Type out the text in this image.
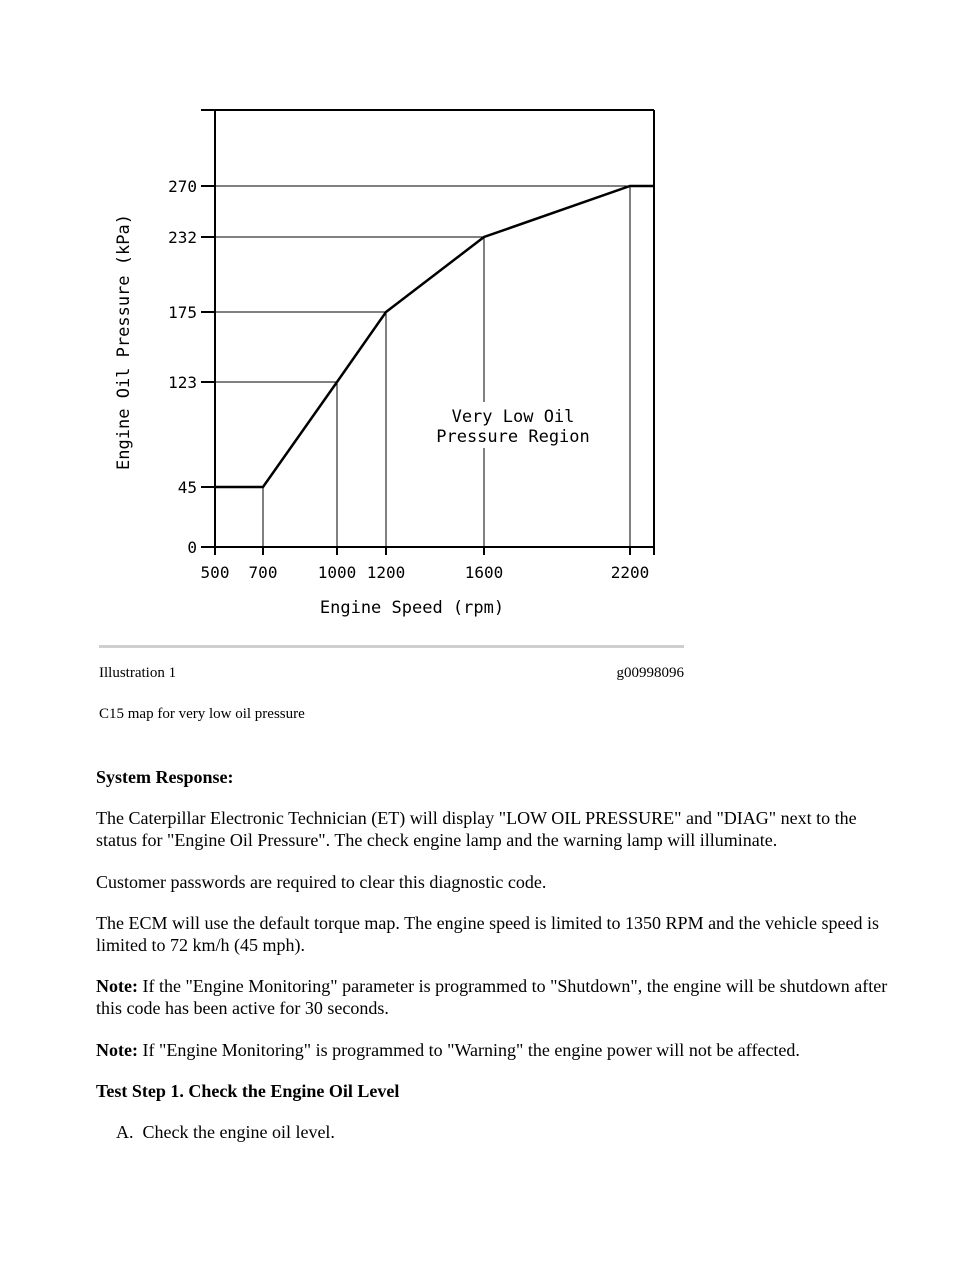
0
45
123
175
232
270
500 700	1000 1200	1600	2200
Very Low Oil
Pressure Region
Engine Speed (rpm)
Engine Oil Pressure (kPa)
Illustration 1	g00998096
C15 map for very low oil pressure
System Response:
The Caterpillar Electronic Technician (ET) will display "LOW OIL PRESSURE" and "DIAG" next to the status for "Engine Oil Pressure". The check engine lamp and the warning lamp will illuminate.
Customer passwords are required to clear this diagnostic code.
The ECM will use the default torque map. The engine speed is limited to 1350 RPM and the vehicle speed is limited to 72 km/h (45 mph).
Note: If the "Engine Monitoring" parameter is programmed to "Shutdown", the engine will be shutdown after this code has been active for 30 seconds.
Note: If "Engine Monitoring" is programmed to "Warning" the engine power will not be affected.
Test Step 1. Check the Engine Oil Level
A. Check the engine oil level.
